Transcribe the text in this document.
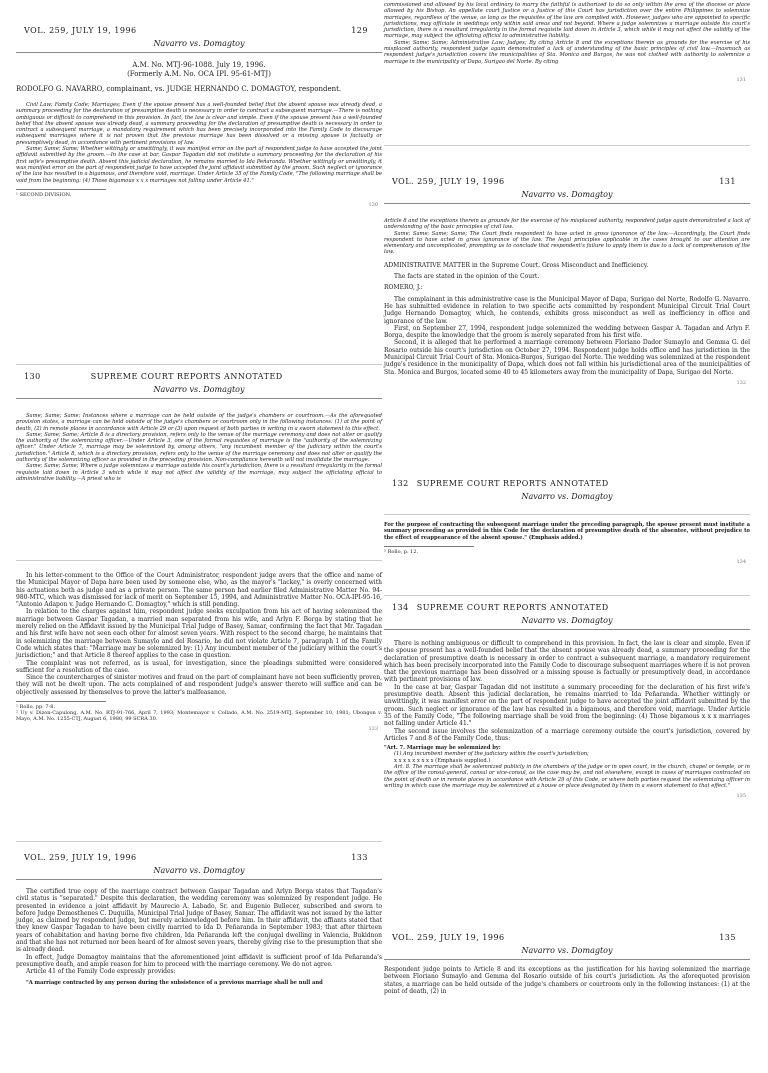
VOL. 259, JULY 19, 1996	129
Navarro vs. Domagtoy

A.M. No. MTJ-96-1088. July 19, 1996.

(Formerly A.M. No. OCA IPI. 95-61-MTJ)

RODOLFO G. NAVARRO, complainant, vs. JUDGE HERNANDO C. DOMAGTOY, respondent.

Civil Law; Family Code; Marriages; Even if the spouse present has a well-founded belief that the absent spouse was already dead, a summary proceeding for the declaration of presumptive death is necessary in order to contract a subsequent marriage.—There is nothing ambiguous or difficult to comprehend in this provision. In fact, the law is clear and simple. Even if the spouse present has a well-founded belief that the absent spouse was already dead, a summary proceeding for the declaration of presumptive death is necessary in order to contract a subsequent marriage, a mandatory requirement which has been precisely incorporated into the Family Code to discourage subsequent marriages where it is not proven that the previous marriage has been dissolved or a missing spouse is factually or presumptively dead, in accordance with pertinent provisions of law.

Same; Same; Same; Whether wittingly or unwittingly, it was manifest error on the part of respondent judge to have accepted the joint affidavit submitted by the groom.—In the case at bar, Gaspar Tagadan did not institute a summary proceeding for the declaration of his first wife's presumptive death. Absent this judicial declaration, he remains married to Ida Peñaranda. Whether wittingly or unwittingly, it was manifest error on the part of respondent judge to have accepted the joint affidavit submitted by the groom. Such neglect or ignorance of the law has resulted in a bigamous, and therefore void, marriage. Under Article 35 of the Family Code, "The following marriage shall be void from the beginning: (4) Those bigamous x x x marriages not falling under Article 41."

¹ SECOND DIVISION.

130
130	SUPREME COURT REPORTS ANNOTATED
Navarro vs. Domagtoy

Same; Same; Same; Instances where a marriage can be held outside of the judge's chambers or courtroom.—As the aforequoted provision states, a marriage can be held outside of the judge's chambers or courtroom only in the following instances: (1) at the point of death, (2) in remote places in accordance with Article 29 or (3) upon request of both parties in writing in a sworn statement to this effect.

Same; Same; Same; Article 8 is a directory provision, refers only to the venue of the marriage ceremony and does not alter or qualify the authority of the solemnizing officer.—Under Article 3, one of the formal requisites of marriage is the "authority of the solemnizing officer." Under Article 7, marriage may be solemnized by, among others, "any incumbent member of the judiciary within the court's jurisdiction." Article 8, which is a directory provision, refers only to the venue of the marriage ceremony and does not alter or qualify the authority of the solemnizing officer as provided in the preceding provision. Non-compliance herewith will not invalidate the marriage.

Same; Same; Same; Where a judge solemnizes a marriage outside his court's jurisdiction, there is a resultant irregularity in the formal requisite laid down in Article 3 which while it may not affect the validity of the marriage, may subject the officiating official to administrative liability.—A priest who is

In his letter-comment to the Office of the Court Administrator, respondent judge avers that the office and name of the Municipal Mayor of Dapa have been used by someone else, who, as the mayor's "lackey," is overly concerned with his actuations both as judge and as a private person. The same person had earlier filed Administrative Matter No. 94-980-MTC, which was dismissed for lack of merit on September 15, 1994, and Administrative Matter No. OCA-IPI-95-16, "Antonio Adapon v. Judge Hernando C. Domagtoy," which is still pending.

In relation to the charges against him, respondent judge seeks exculpation from his act of having solemnized the marriage between Gaspar Tagadan, a married man separated from his wife, and Arlyn F. Borga by stating that he merely relied on the Affidavit issued by the Municipal Trial Judge of Basey, Samar, confirming the fact that Mr. Tagadan and his first wife have not seen each other for almost seven years. With respect to the second charge, he maintains that in solemnizing the marriage between Sumaylo and del Rosario, he did not violate Article 7, paragraph 1 of the Family Code which states that: "Marriage may be solemnized by: (1) Any incumbent member of the judiciary within the court's jurisdiction;" and that Article 8 thereof applies to the case in question.

The complaint was not referred, as is usual, for investigation, since the pleadings submitted were considered sufficient for a resolution of the case.

Since the countercharges of sinister motives and fraud on the part of complainant have not been sufficiently proven, they will not be dwelt upon. The acts complained of and respondent judge's answer thereto will suffice and can be objectively assessed by themselves to prove the latter's malfeasance.

¹ Rollo, pp. 7-8.

² Uy v. Dizon-Capulong, A.M. No. RTJ-91-766, April 7, 1993; Montemayor v. Collado, A.M. No. 2519-MTJ, September 10, 1981; Ubongon v. Mayo, A.M. No. 1255-CTJ, August 6, 1980, 99 SCRA 30.

133
VOL. 259, JULY 19, 1996	133
Navarro vs. Domagtoy

The certified true copy of the marriage contract between Gaspar Tagadan and Arlyn Borga states that Tagadan's civil status is "separated." Despite this declaration, the wedding ceremony was solemnized by respondent judge. He presented in evidence a joint affidavit by Maurecio A. Labado, Sr. and Eugenio Bullecer, subscribed and sworn to before Judge Demosthenes C. Duquilla, Municipal Trial Judge of Basey, Samar. The affidavit was not issued by the latter judge, as claimed by respondent judge, but merely acknowledged before him. In their affidavit, the affiants stated that they knew Gaspar Tagadan to have been civilly married to Ida D. Peñaranda in September 1983; that after thirteen years of cohabitation and having borne five children, Ida Peñaranda left the conjugal dwelling in Valencia, Bukidnon and that she has not returned nor been heard of for almost seven years, thereby giving rise to the presumption that she is already dead.

In effect, Judge Domagtoy maintains that the aforementioned joint affidavit is sufficient proof of Ida Peñaranda's presumptive death, and ample reason for him to proceed with the marriage ceremony. We do not agree.

Article 41 of the Family Code expressly provides:

"A marriage contracted by any person during the subsistence of a previous marriage shall be null and

commissioned and allowed by his local ordinary to marry the faithful is authorized to do so only within the area of the diocese or place allowed by his Bishop. An appellate court Justice or a Justice of this Court has jurisdiction over the entire Philippines to solemnize marriages, regardless of the venue, as long as the requisites of the law are complied with. However, judges who are appointed to specific jurisdictions, may officiate in weddings only within said areas and not beyond. Where a judge solemnizes a marriage outside his court's jurisdiction, there is a resultant irregularity in the formal requisite laid down in Article 3, which while it may not affect the validity of the marriage, may subject the officiating official to administrative liability.

Same; Same; Same; Administrative Law; Judges; By citing Article 8 and the exceptions therein as grounds for the exercise of his misplaced authority, respondent judge again demonstrated a lack of understanding of the basic principles of civil law.—Inasmuch as respondent judge's jurisdiction covers the municipalities of Sta. Monica and Burgos, he was not clothed with authority to solemnize a marriage in the municipality of Dapa, Surigao del Norte. By citing

131
VOL. 259, JULY 19, 1996	131
Navarro vs. Domagtoy

Article 8 and the exceptions therein as grounds for the exercise of his misplaced authority, respondent judge again demonstrated a lack of understanding of the basic principles of civil law.

Same; Same; Same; Same; The Court finds respondent to have acted in gross ignorance of the law.—Accordingly, the Court finds respondent to have acted in gross ignorance of the law. The legal principles applicable in the cases brought to our attention are elementary and uncomplicated, prompting us to conclude that respondent's failure to apply them is due to a lack of comprehension of the law.

ADMINISTRATIVE MATTER in the Supreme Court. Gross Misconduct and Inefficiency.

The facts are stated in the opinion of the Court.

ROMERO, J.:

The complainant in this administrative case is the Municipal Mayor of Dapa, Surigao del Norte, Rodolfo G. Navarro. He has submitted evidence in relation to two specific acts committed by respondent Municipal Circuit Trial Court Judge Hernando Domagtoy, which, he contends, exhibits gross misconduct as well as inefficiency in office and ignorance of the law.

First, on September 27, 1994, respondent judge solemnized the wedding between Gaspar A. Tagadan and Arlyn F. Borga, despite the knowledge that the groom is merely separated from his first wife.

Second, it is alleged that he performed a marriage ceremony between Floriano Dador Sumaylo and Gemma G. del Rosario outside his court's jurisdiction on October 27, 1994. Respondent judge holds office and has jurisdiction in the Municipal Circuit Trial Court of Sta. Monica-Burgos, Surigao del Norte. The wedding was solemnized at the respondent judge's residence in the municipality of Dapa, which does not fall within his jurisdictional area of the municipalities of Sta. Monica and Burgos, located some 40 to 45 kilometers away from the municipality of Dapa, Surigao del Norte.

132
132 SUPREME COURT REPORTS ANNOTATED
Navarro vs. Domagtoy

For the purpose of contracting the subsequent marriage under the preceding paragraph, the spouse present must institute a summary proceeding as provided in this Code for the declaration of presumptive death of the absentee, without prejudice to the effect of reappearance of the absent spouse." (Emphasis added.)

³ Rollo, p. 12.

134
134 SUPREME COURT REPORTS ANNOTATED
Navarro vs. Domagtoy

There is nothing ambiguous or difficult to comprehend in this provision. In fact, the law is clear and simple. Even if the spouse present has a well-founded belief that the absent spouse was already dead, a summary proceeding for the declaration of presumptive death is necessary in order to contract a subsequent marriage, a mandatory requirement which has been precisely incorporated into the Family Code to discourage subsequent marriages where it is not proven that the previous marriage has been dissolved or a missing spouse is factually or presumptively dead, in accordance with pertinent provisions of law.

In the case at bar, Gaspar Tagadan did not institute a summary proceeding for the declaration of his first wife's presumptive death. Absent this judicial declaration, he remains married to Ida Peñaranda. Whether wittingly or unwittingly, it was manifest error on the part of respondent judge to have accepted the joint affidavit submitted by the groom. Such neglect or ignorance of the law has resulted in a bigamous, and therefore void, marriage. Under Article 35 of the Family Code, "The following marriage shall be void from the beginning: (4) Those bigamous x x x marriages not falling under Article 41."

The second issue involves the solemnization of a marriage ceremony outside the court's jurisdiction, covered by Articles 7 and 8 of the Family Code, thus:

"Art. 7. Marriage may be solemnized by:

(1) Any incumbent member of the judiciary within the court's jurisdiction;

x x x x x x x x x (Emphasis supplied.)

Art. 8. The marriage shall be solemnized publicly in the chambers of the judge or in open court, in the church, chapel or temple, or in the office of the consul-general, consul or vice-consul, as the case may be, and not elsewhere, except in cases of marriages contracted on the point of death or in remote places in accordance with Article 29 of this Code, or where both parties request the solemnizing officer in writing in which case the marriage may be solemnized at a house or place designated by them in a sworn statement to that effect."

135
VOL. 259, JULY 19, 1996	135
Navarro vs. Domagtoy

Respondent judge points to Article 8 and its exceptions as the justification for his having solemnized the marriage between Floriano Sumaylo and Gemma del Rosario outside of his court's jurisdiction. As the aforequoted provision states, a marriage can be held outside of the judge's chambers or courtroom only in the following instances: (1) at the point of death, (2) in
